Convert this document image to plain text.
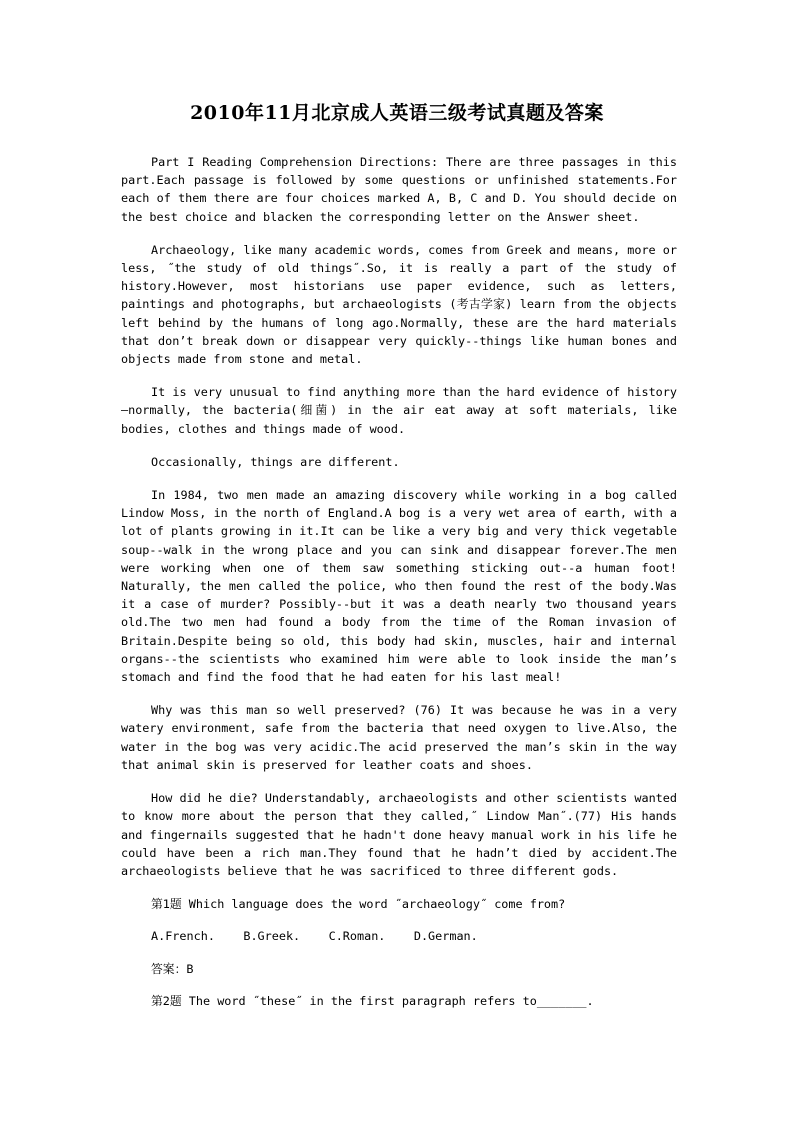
2010年11月北京成人英语三级考试真题及答案

Part I Reading Comprehension Directions: There are three passages in this part.Each passage is followed by some questions or unfinished statements.For each of them there are four choices marked A, B, C and D. You should decide on the best choice and blacken the corresponding letter on the Answer sheet.

Archaeology, like many academic words, comes from Greek and means, more or less, ˝the study of old things˝.So, it is really a part of the study of history.However, most historians use paper evidence, such as letters, paintings and photographs, but archaeologists (考古学家) learn from the objects left behind by the humans of long ago.Normally, these are the hard materials that don’t break down or disappear very quickly--things like human bones and objects made from stone and metal.

It is very unusual to find anything more than the hard evidence of history—normally, the bacteria(细菌) in the air eat away at soft materials, like bodies, clothes and things made of wood.

Occasionally, things are different.

In 1984, two men made an amazing discovery while working in a bog called Lindow Moss, in the north of England.A bog is a very wet area of earth, with a lot of plants growing in it.It can be like a very big and very thick vegetable soup--walk in the wrong place and you can sink and disappear forever.The men were working when one of them saw something sticking out--a human foot! Naturally, the men called the police, who then found the rest of the body.Was it a case of murder? Possibly--but it was a death nearly two thousand years old.The two men had found a body from the time of the Roman invasion of Britain.Despite being so old, this body had skin, muscles, hair and internal organs--the scientists who examined him were able to look inside the man’s stomach and find the food that he had eaten for his last meal!

Why was this man so well preserved? (76) It was because he was in a very watery environment, safe from the bacteria that need oxygen to live.Also, the water in the bog was very acidic.The acid preserved the man’s skin in the way that animal skin is preserved for leather coats and shoes.

How did he die? Understandably, archaeologists and other scientists wanted to know more about the person that they called,˝ Lindow Man˝.(77) His hands and fingernails suggested that he hadn't done heavy manual work in his life he could have been a rich man.They found that he hadn’t died by accident.The archaeologists believe that he was sacrificed to three different gods.

第1题 Which language does the word ˝archaeology˝ come from?

A.French. B.Greek. C.Roman. D.German.

答案：B

第2题 The word ˝these˝ in the first paragraph refers to_______.
